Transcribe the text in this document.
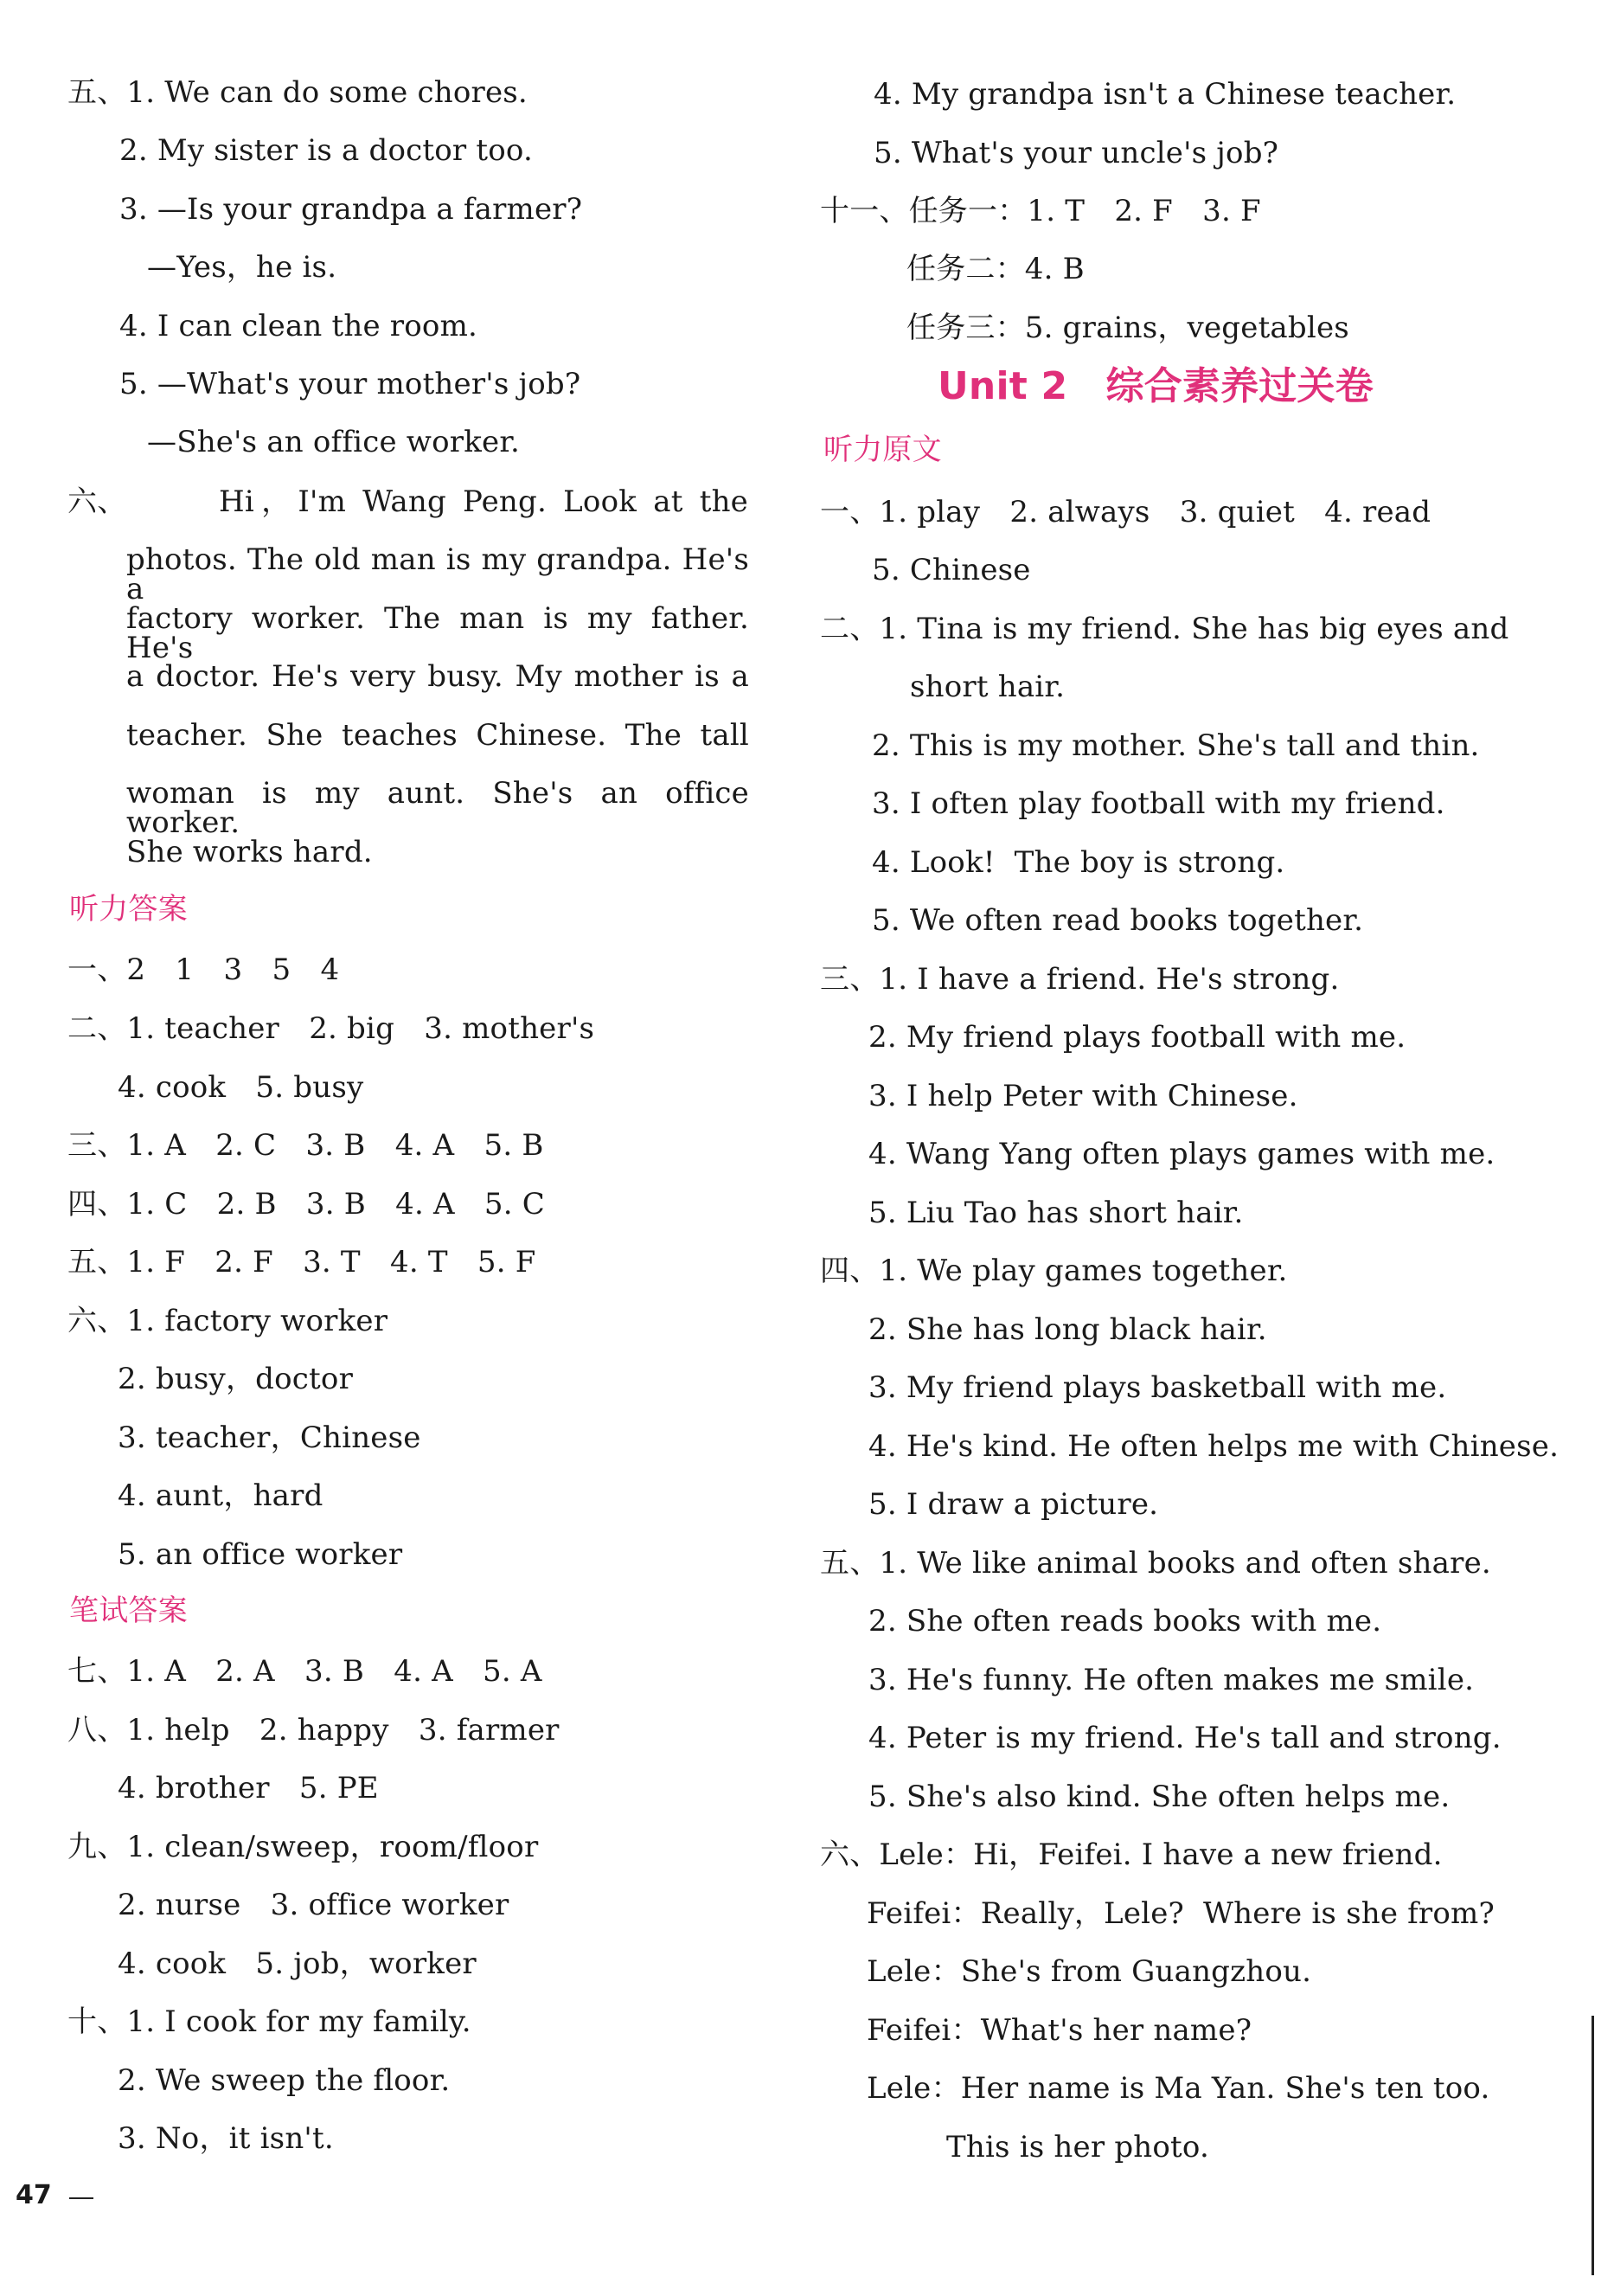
五、1. We can do some chores.
2. My sister is a doctor too.
3. —Is your grandpa a farmer?
—Yes，he is.
4. I can clean the room.
5. —What's your mother's job?
—She's an office worker.
六、	Hi，I'm Wang Peng. Look at the
photos. The old man is my grandpa. He's a
factory worker. The man is my father. He's
a doctor. He's very busy. My mother is a
teacher. She teaches Chinese. The tall
woman is my aunt. She's an office worker.
She works hard.
听力答案
一、2　1　3　5　4
二、1. teacher　2. big　3. mother's
4. cook　5. busy
三、1. A　2. C　3. B　4. A　5. B
四、1. C　2. B　3. B　4. A　5. C
五、1. F　2. F　3. T　4. T　5. F
六、1. factory worker
2. busy，doctor
3. teacher，Chinese
4. aunt，hard
5. an office worker
笔试答案
七、1. A　2. A　3. B　4. A　5. A
八、1. help　2. happy　3. farmer
4. brother　5. PE
九、1. clean/sweep，room/floor
2. nurse　3. office worker
4. cook　5. job，worker
十、1. I cook for my family.
2. We sweep the floor.
3. No，it isn't.
4. My grandpa isn't a Chinese teacher.
5. What's your uncle's job?
十一、任务一：1. T　2. F　3. F
任务二：4. B
任务三：5. grains，vegetables
Unit 2　综合素养过关卷
听力原文
一、1. play　2. always　3. quiet　4. read
5. Chinese
二、1. Tina is my friend. She has big eyes and
short hair.
2. This is my mother. She's tall and thin.
3. I often play football with my friend.
4. Look!  The boy is strong.
5. We often read books together.
三、1. I have a friend. He's strong.
2. My friend plays football with me.
3. I help Peter with Chinese.
4. Wang Yang often plays games with me.
5. Liu Tao has short hair.
四、1. We play games together.
2. She has long black hair.
3. My friend plays basketball with me.
4. He's kind. He often helps me with Chinese.
5. I draw a picture.
五、1. We like animal books and often share.
2. She often reads books with me.
3. He's funny. He often makes me smile.
4. Peter is my friend. He's tall and strong.
5. She's also kind. She often helps me.
六、Lele：Hi，Feifei. I have a new friend.
Feifei：Really，Lele?  Where is she from?
Lele：She's from Guangzhou.
Feifei：What's her name?
Lele：Her name is Ma Yan. She's ten too.
This is her photo.
47
